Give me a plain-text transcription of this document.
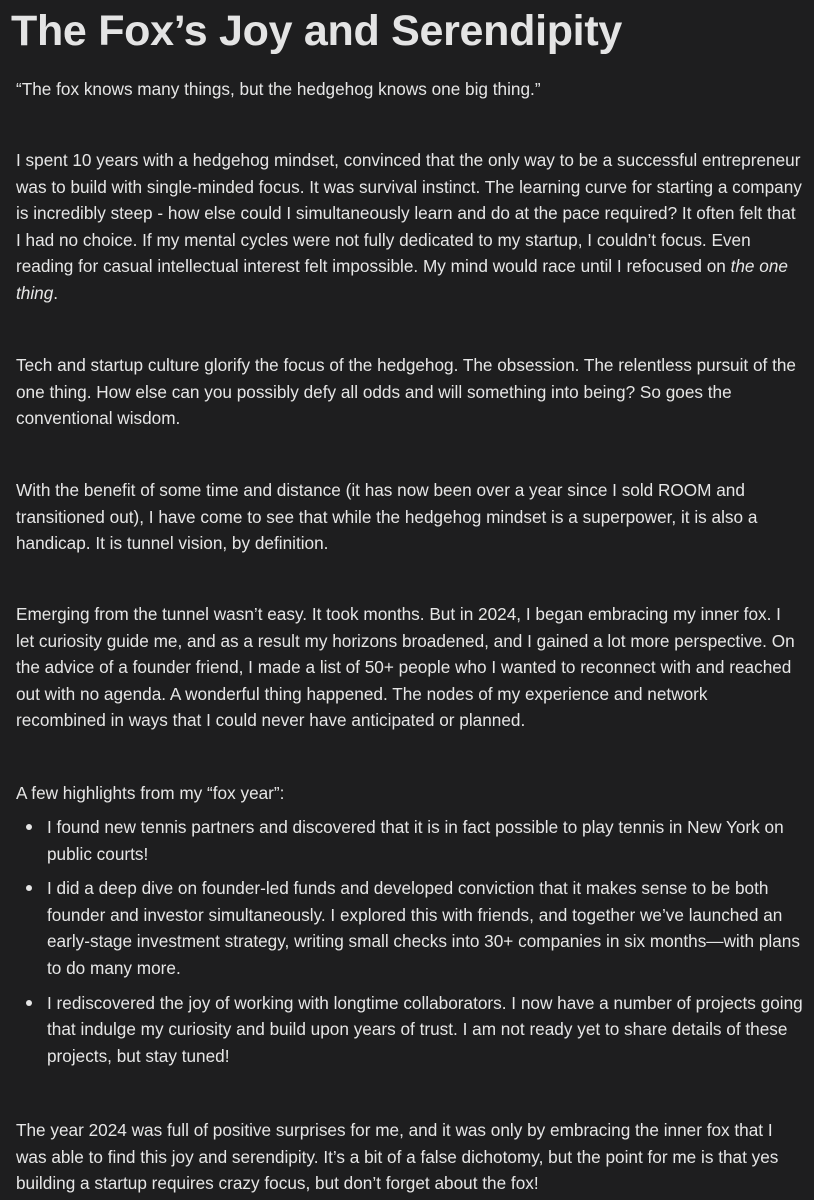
The Fox’s Joy and Serendipity

“The fox knows many things, but the hedgehog knows one big thing.”

I spent 10 years with a hedgehog mindset, convinced that the only way to be a successful entrepreneur was to build with single-minded focus. It was survival instinct. The learning curve for starting a company is incredibly steep - how else could I simultaneously learn and do at the pace required? It often felt that I had no choice. If my mental cycles were not fully dedicated to my startup, I couldn’t focus. Even reading for casual intellectual interest felt impossible. My mind would race until I refocused on the one thing.

Tech and startup culture glorify the focus of the hedgehog. The obsession. The relentless pursuit of the one thing. How else can you possibly defy all odds and will something into being? So goes the conventional wisdom.

With the benefit of some time and distance (it has now been over a year since I sold ROOM and transitioned out), I have come to see that while the hedgehog mindset is a superpower, it is also a handicap. It is tunnel vision, by definition.

Emerging from the tunnel wasn’t easy. It took months. But in 2024, I began embracing my inner fox. I let curiosity guide me, and as a result my horizons broadened, and I gained a lot more perspective. On the advice of a founder friend, I made a list of 50+ people who I wanted to reconnect with and reached out with no agenda. A wonderful thing happened. The nodes of my experience and network recombined in ways that I could never have anticipated or planned.

A few highlights from my “fox year”:

I found new tennis partners and discovered that it is in fact possible to play tennis in New York on public courts!
I did a deep dive on founder-led funds and developed conviction that it makes sense to be both founder and investor simultaneously. I explored this with friends, and together we’ve launched an early-stage investment strategy, writing small checks into 30+ companies in six months—with plans to do many more.
I rediscovered the joy of working with longtime collaborators. I now have a number of projects going that indulge my curiosity and build upon years of trust. I am not ready yet to share details of these projects, but stay tuned!

The year 2024 was full of positive surprises for me, and it was only by embracing the inner fox that I was able to find this joy and serendipity. It’s a bit of a false dichotomy, but the point for me is that yes building a startup requires crazy focus, but don’t forget about the fox!
